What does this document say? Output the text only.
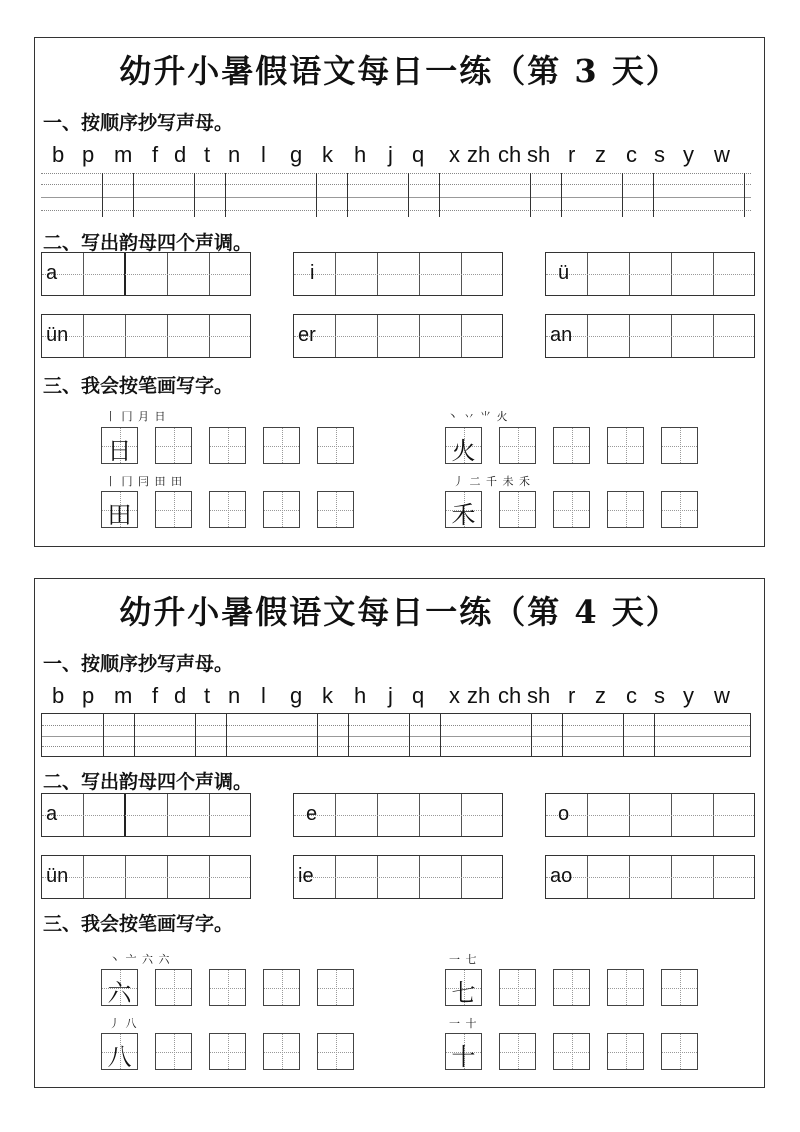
幼升小暑假语文每日一练（第 3 天）
一、按顺序抄写声母。
b p m f d t n l g k h j q x zh ch sh r z c s y w
二、写出韵母四个声调。
a	i	ü
ün	er	an
三、我会按笔画写字。
丨 冂 月 日
日
丶 丷 ⺌ 火
火
丨 冂 冃 田 田
田
丿 二 千 未 禾
禾
幼升小暑假语文每日一练（第 4 天）
一、按顺序抄写声母。
b p m f d t n l g k h j q x zh ch sh r z c s y w
二、写出韵母四个声调。
a	e	o
ün	ie	ao
三、我会按笔画写字。
丶 亠 六 六
六
一 七
七
丿 八
八
一 十
十
